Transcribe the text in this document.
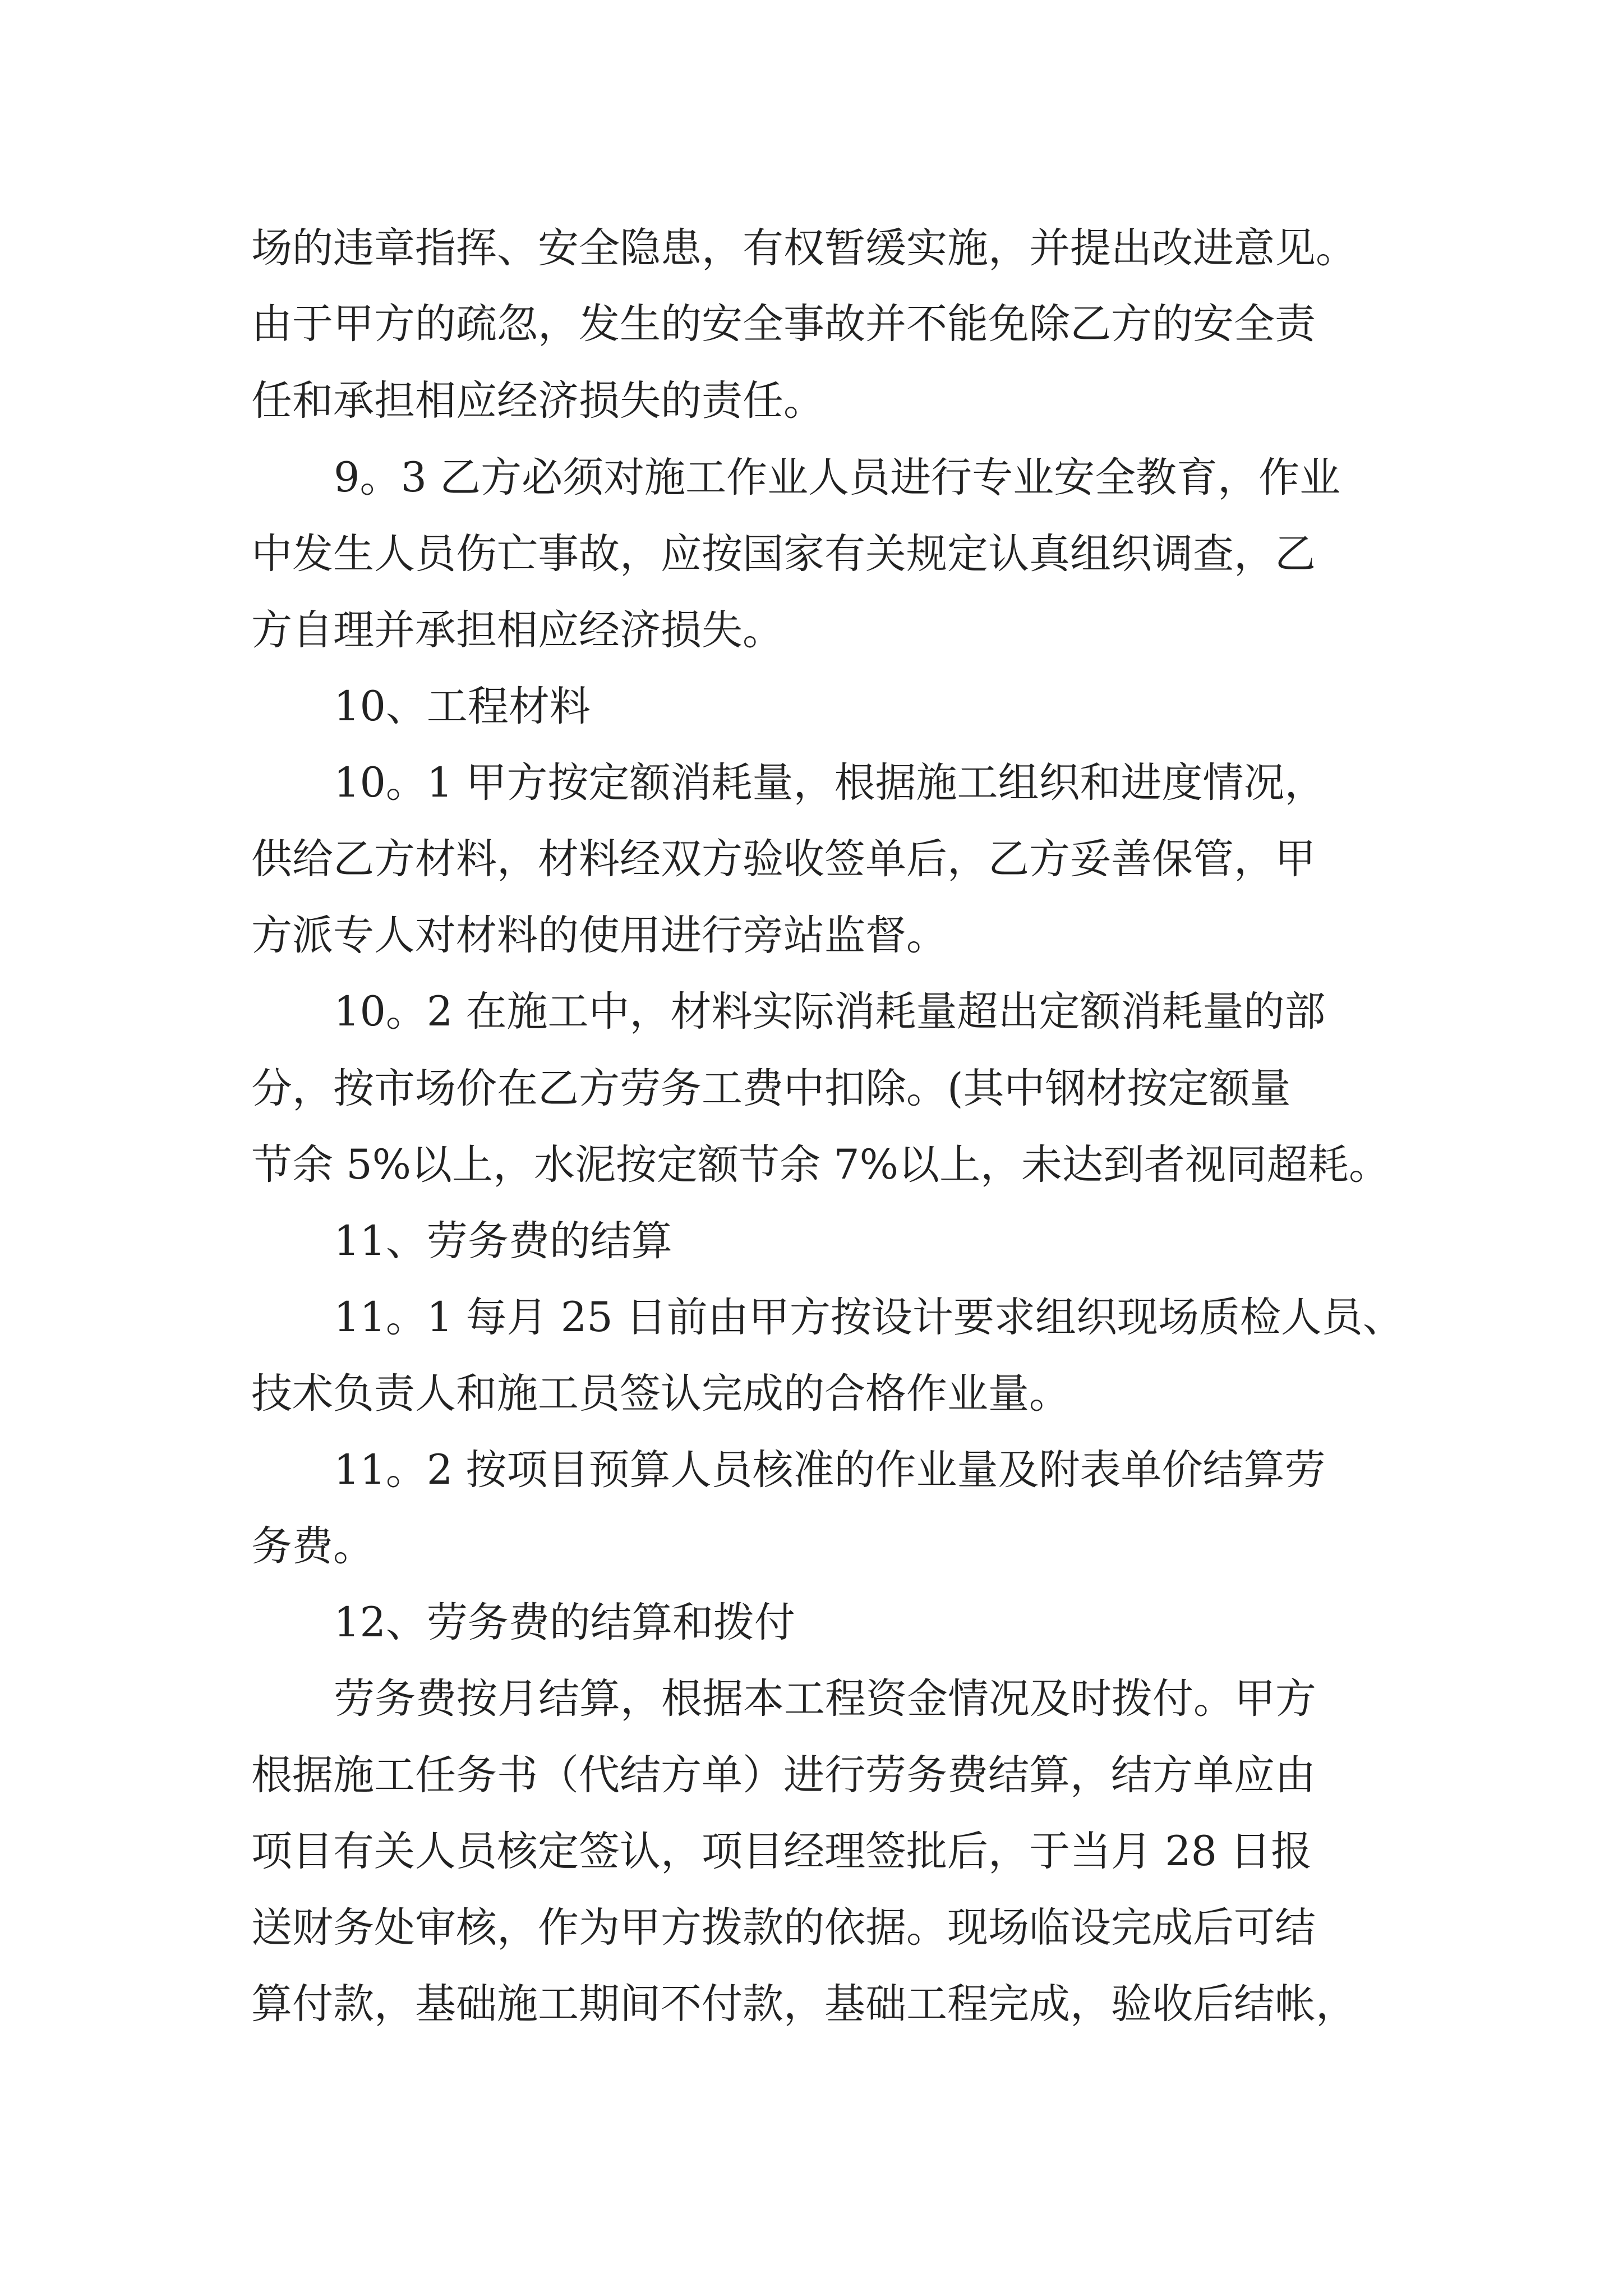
场的违章指挥、安全隐患，有权暂缓实施，并提出改进意见。
由于甲方的疏忽，发生的安全事故并不能免除乙方的安全责
任和承担相应经济损失的责任。
9。3 乙方必须对施工作业人员进行专业安全教育，作业
中发生人员伤亡事故，应按国家有关规定认真组织调查，乙
方自理并承担相应经济损失。
10、工程材料
10。1 甲方按定额消耗量，根据施工组织和进度情况，
供给乙方材料，材料经双方验收签单后，乙方妥善保管，甲
方派专人对材料的使用进行旁站监督。
10。2 在施工中，材料实际消耗量超出定额消耗量的部
分，按市场价在乙方劳务工费中扣除。(其中钢材按定额量
节余 5%以上，水泥按定额节余 7%以上，未达到者视同超耗。
11、劳务费的结算
11。1 每月 25 日前由甲方按设计要求组织现场质检人员、
技术负责人和施工员签认完成的合格作业量。
11。2 按项目预算人员核准的作业量及附表单价结算劳
务费。
12、劳务费的结算和拨付
劳务费按月结算，根据本工程资金情况及时拨付。甲方
根据施工任务书（代结方单）进行劳务费结算，结方单应由
项目有关人员核定签认，项目经理签批后，于当月 28 日报
送财务处审核，作为甲方拨款的依据。现场临设完成后可结
算付款，基础施工期间不付款，基础工程完成，验收后结帐，
